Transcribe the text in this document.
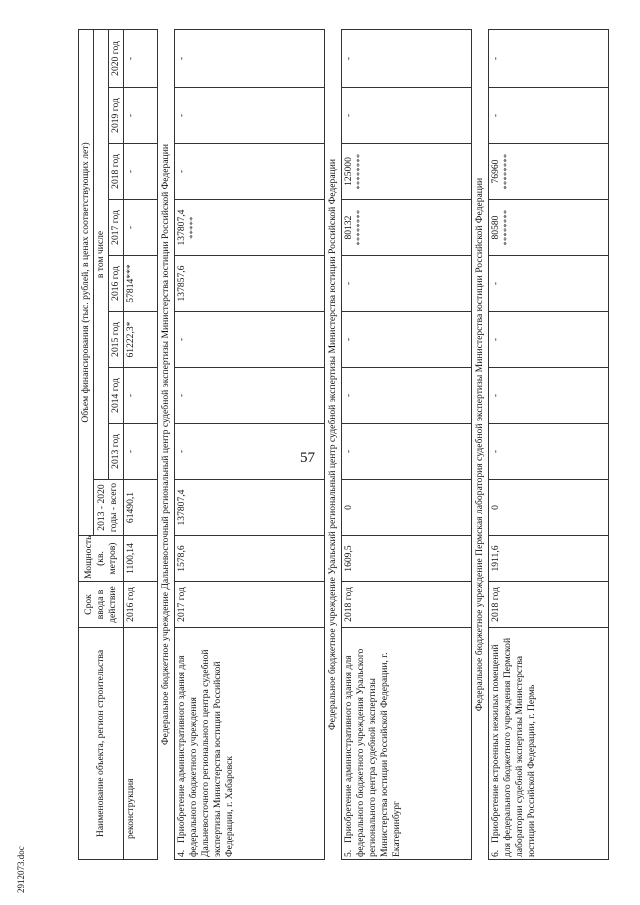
57
2912073.doc
Наименование объекта, регион строительства	Срок ввода в действие	Мощность (кв. метров)	Объем финансирования (тыс. рублей, в ценах соответствующих лет)								
			2013 - 2020 годы - всего	в том числе							
				2013 год	2014 год	2015 год	2016 год	2017 год	2018 год	2019 год	2020 год
реконструкция	2016 год	1100,14	61490,1	-	-	61222,3*	57814***	-	-	-	-
Федеральное бюджетное учреждение Дальневосточный региональный центр судебной экспертизы Министерства юстиции Российской Федерации											
4.Приобретение административного здания для федерального бюджетного учреждения Дальневосточного регионального центра судебной экспертизы Министерства юстиции Российской Федерации, г. Хабаровск	2017 год	1578,6	137807,4	-	-	-	137857,6	137807,4 *****	-	-	-
Федеральное бюджетное учреждение Уральский региональный центр судебной экспертизы Министерства юстиции Российской Федерации											
5.Приобретение административного здания для федерального бюджетного учреждения Уральского регионального центра судебной экспертизы Министерства юстиции Российской Федерации, г. Екатеринбург	2018 год	1609,5	0	-	-	-	-	80132 ********	125000 ********	-	-
Федеральное бюджетное учреждение Пермская лаборатория судебной экспертизы Министерства юстиции Российской Федерации											
6.Приобретение встроенных нежилых помещений для федерального бюджетного учреждения Пермской лаборатории судебной экспертизы Министерства юстиции Российской Федерации, г. Пермь	2018 год	1911,6	0	-	-	-	-	80580 ********	76960 ********	-	-
